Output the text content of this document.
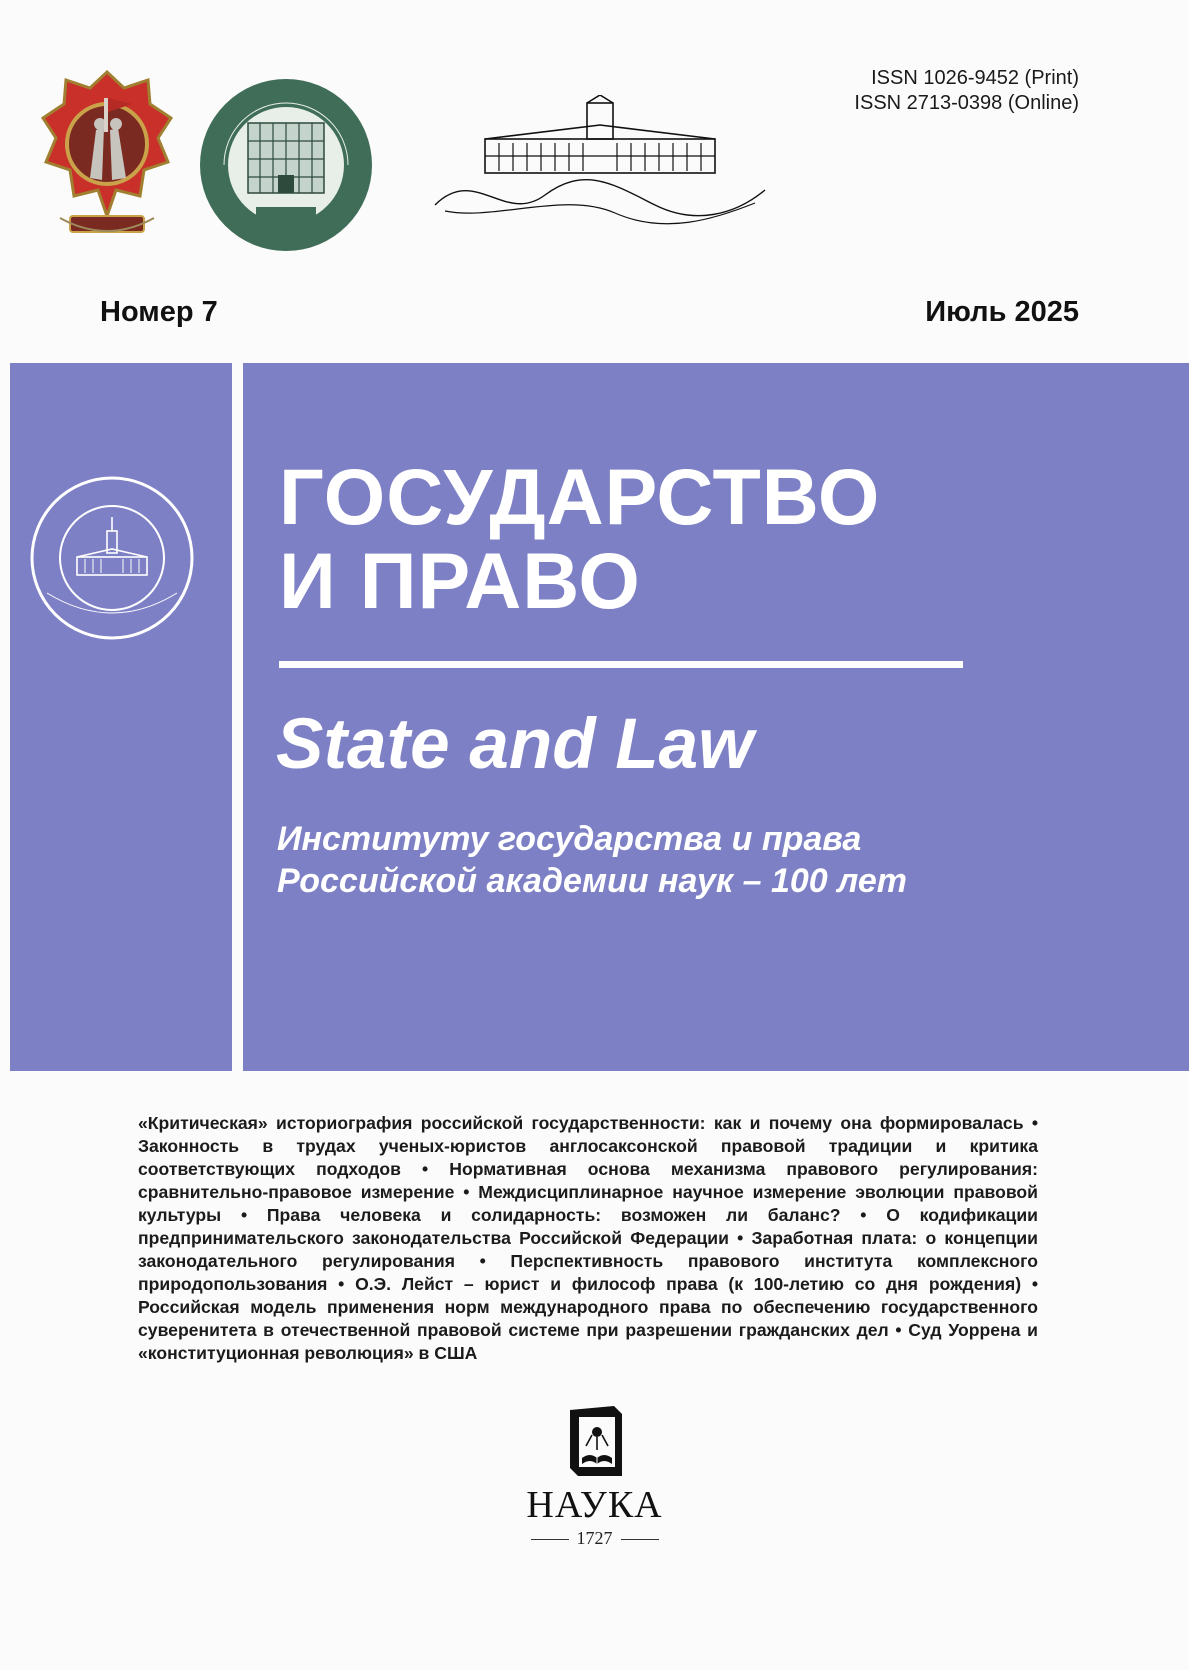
ISSN 1026-9452 (Print)
ISSN 2713-0398 (Online)
Номер 7	Июль 2025
ГОСУДАРСТВО
И ПРАВО
State and Law
Институту государства и права
Российской академии наук – 100 лет
«Критическая» историография российской государственности: как и почему она формировалась • Законность в трудах ученых-юристов англосаксонской правовой традиции и критика соответствующих подходов • Нормативная основа механизма правового регулирования: сравнительно-правовое измерение • Междисциплинарное научное измерение эволюции правовой культуры • Права человека и солидарность: возможен ли баланс? • О кодификации предпринимательского законодательства Российской Федерации • Заработная плата: о концепции законодательного регулирования • Перспективность правового института комплексного природопользования • О.Э. Лейст – юрист и философ права (к 100-летию со дня рождения) • Российская модель применения норм международного права по обеспечению государственного суверенитета в отечественной правовой системе при разрешении гражданских дел • Суд Уоррена и «конституционная революция» в США
НАУКА
1727
